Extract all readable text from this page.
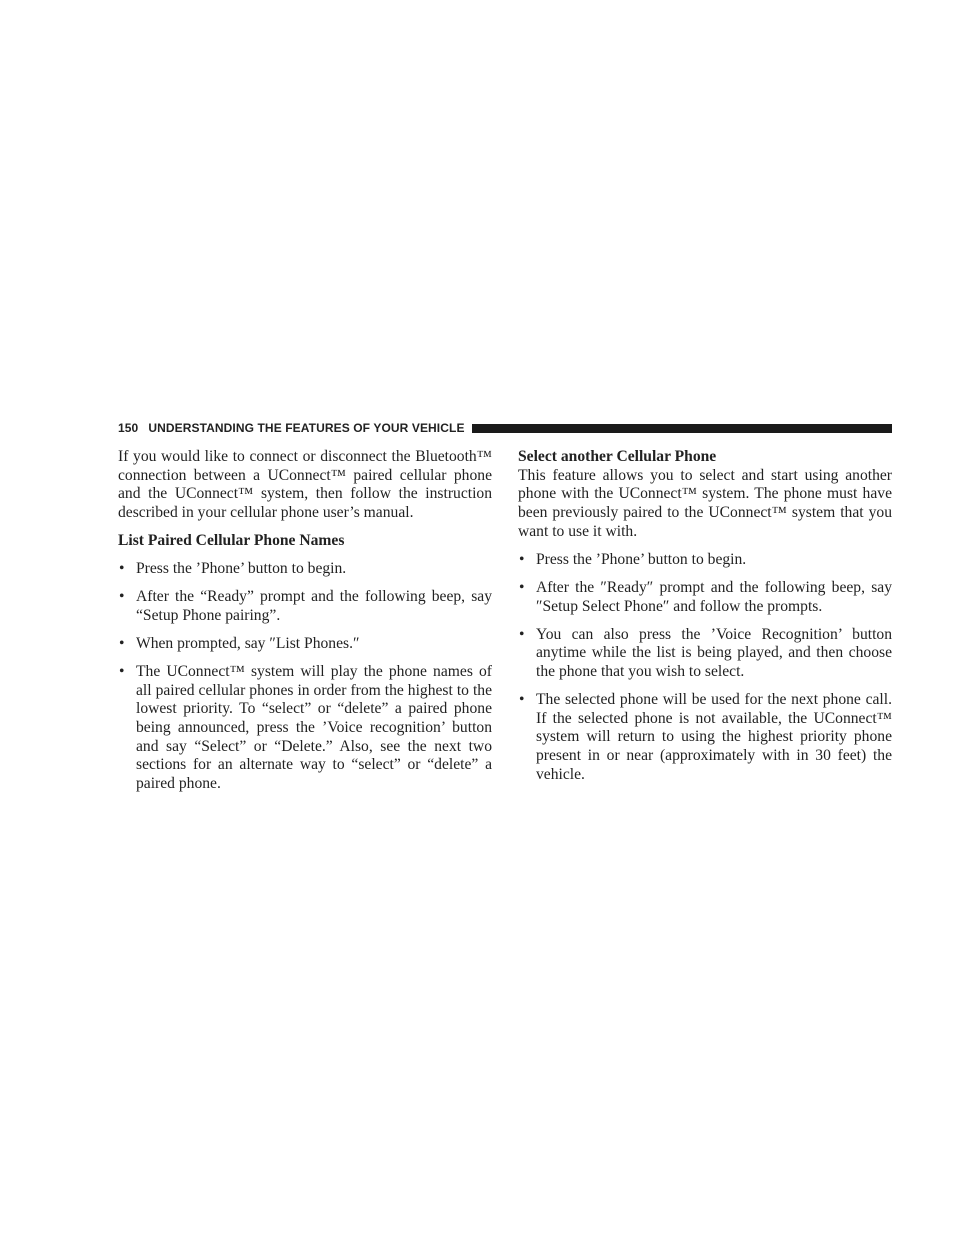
150 UNDERSTANDING THE FEATURES OF YOUR VEHICLE

If you would like to connect or disconnect the Bluetooth™ connection between a UConnect™ paired cellular phone and the UConnect™ system, then follow the instruction described in your cellular phone user’s manual.

List Paired Cellular Phone Names
• Press the ’Phone’ button to begin.
• After the “Ready” prompt and the following beep, say “Setup Phone pairing”.
• When prompted, say ″List Phones.″
• The UConnect™ system will play the phone names of all paired cellular phones in order from the highest to the lowest priority. To “select” or “delete” a paired phone being announced, press the ’Voice recognition’ button and say “Select” or “Delete.” Also, see the next two sections for an alternate way to “select” or “delete” a paired phone.
Select another Cellular Phone

This feature allows you to select and start using another phone with the UConnect™ system. The phone must have been previously paired to the UConnect™ system that you want to use it with.

• Press the ’Phone’ button to begin.
• After the ″Ready″ prompt and the following beep, say ″Setup Select Phone″ and follow the prompts.
• You can also press the ’Voice Recognition’ button anytime while the list is being played, and then choose the phone that you wish to select.
• The selected phone will be used for the next phone call. If the selected phone is not available, the UConnect™ system will return to using the highest priority phone present in or near (approximately with in 30 feet) the vehicle.
